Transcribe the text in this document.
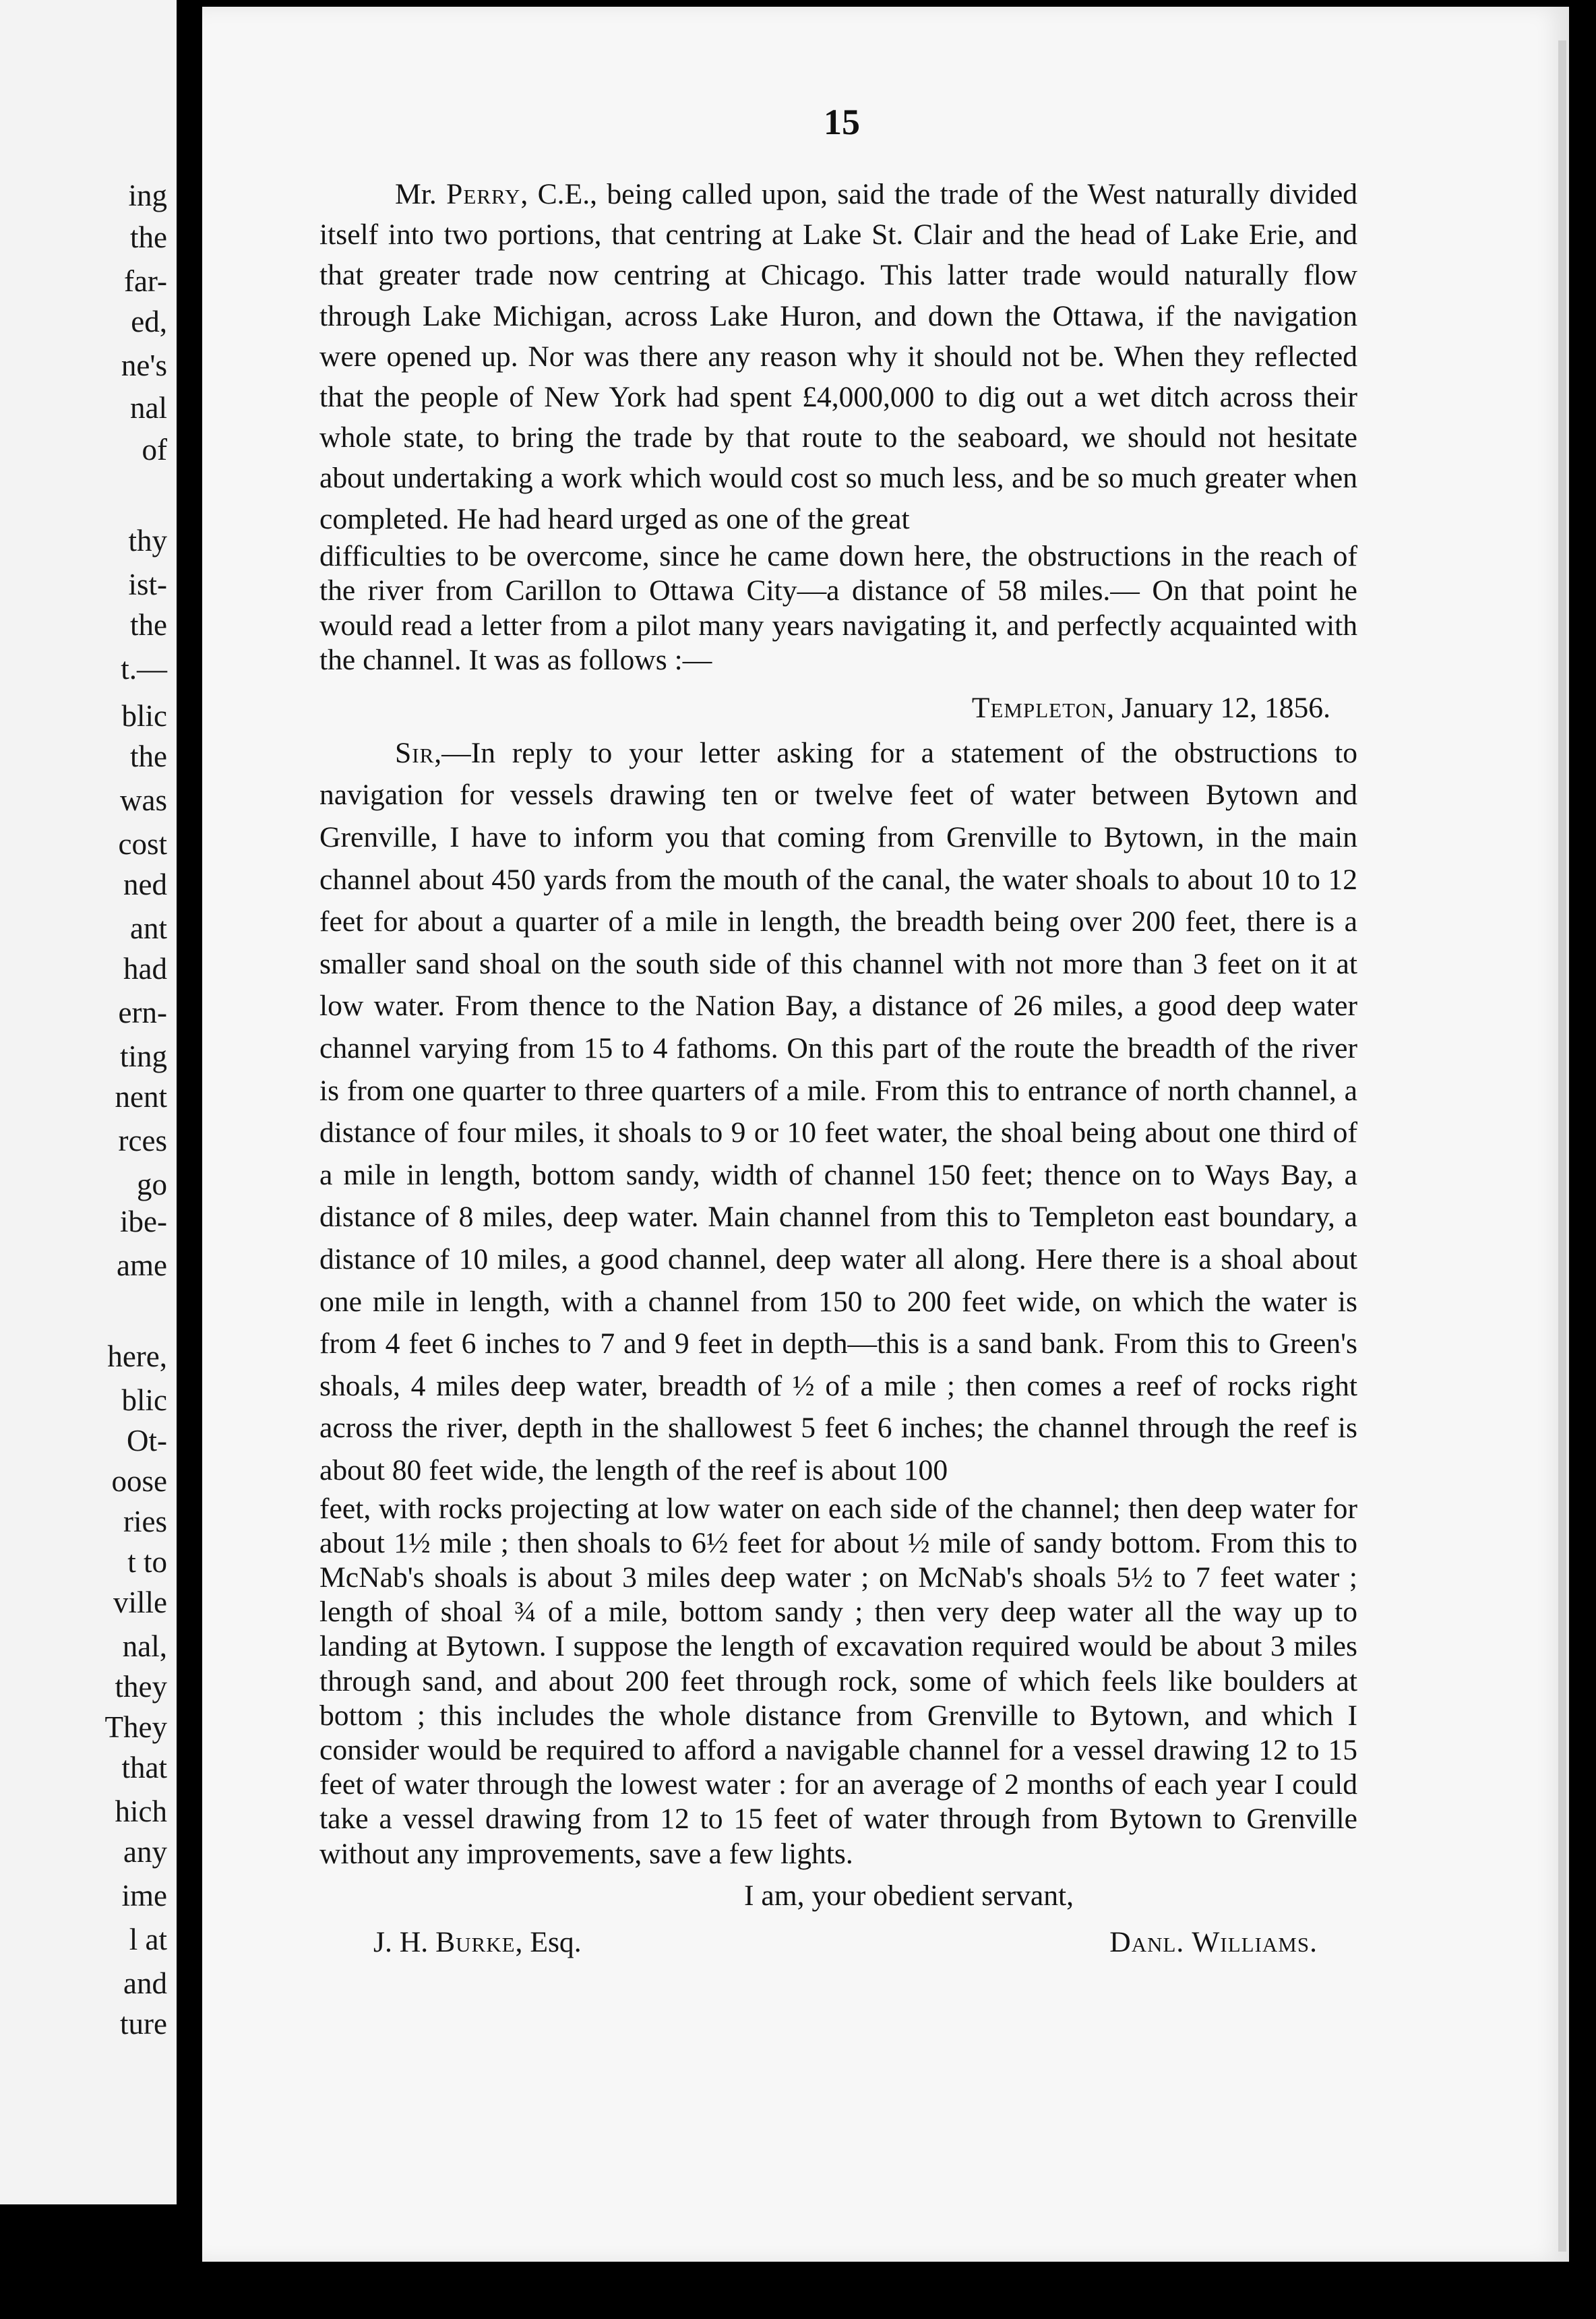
ing
the
far-
ed,
ne's
nal
of
thy
ist-
the
t.—
blic
the
was
cost
ned
ant
had
ern-
ting
nent
rces
go
ibe-
ame
here,
blic
Ot-
oose
ries
t to
ville
nal,
they
They
that
hich
any
ime
l at
and
ture
15

Mr. Perry, C.E., being called upon, said the trade of the West naturally divided itself into two portions, that centring at Lake St. Clair and the head of Lake Erie, and that greater trade now centring at Chicago. This latter trade would naturally flow through Lake Michigan, across Lake Huron, and down the Ottawa, if the navigation were opened up. Nor was there any reason why it should not be. When they reflected that the people of New York had spent £4,000,000 to dig out a wet ditch across their whole state, to bring the trade by that route to the seaboard, we should not hesitate about undertaking a work which would cost so much less, and be so much greater when completed. He had heard urged as one of the great

difficulties to be overcome, since he came down here, the obstructions in the reach of the river from Carillon to Ottawa City—a distance of 58 miles.— On that point he would read a letter from a pilot many years navigating it, and perfectly acquainted with the channel. It was as follows :—

Templeton, January 12, 1856.

Sir,—In reply to your letter asking for a statement of the obstructions to navigation for vessels drawing ten or twelve feet of water between Bytown and Grenville, I have to inform you that coming from Grenville to Bytown, in the main channel about 450 yards from the mouth of the canal, the water shoals to about 10 to 12 feet for about a quarter of a mile in length, the breadth being over 200 feet, there is a smaller sand shoal on the south side of this channel with not more than 3 feet on it at low water. From thence to the Nation Bay, a distance of 26 miles, a good deep water channel varying from 15 to 4 fathoms. On this part of the route the breadth of the river is from one quarter to three quarters of a mile. From this to entrance of north channel, a distance of four miles, it shoals to 9 or 10 feet water, the shoal being about one third of a mile in length, bottom sandy, width of channel 150 feet; thence on to Ways Bay, a distance of 8 miles, deep water. Main channel from this to Templeton east boundary, a distance of 10 miles, a good channel, deep water all along. Here there is a shoal about one mile in length, with a channel from 150 to 200 feet wide, on which the water is from 4 feet 6 inches to 7 and 9 feet in depth—this is a sand bank. From this to Green's shoals, 4 miles deep water, breadth of ½ of a mile ; then comes a reef of rocks right across the river, depth in the shallowest 5 feet 6 inches; the channel through the reef is about 80 feet wide, the length of the reef is about 100

feet, with rocks projecting at low water on each side of the channel; then deep water for about 1½ mile ; then shoals to 6½ feet for about ½ mile of sandy bottom. From this to McNab's shoals is about 3 miles deep water ; on McNab's shoals 5½ to 7 feet water ; length of shoal ¾ of a mile, bottom sandy ; then very deep water all the way up to landing at Bytown. I suppose the length of excavation required would be about 3 miles through sand, and about 200 feet through rock, some of which feels like boulders at bottom ; this includes the whole distance from Grenville to Bytown, and which I consider would be required to afford a navigable channel for a vessel drawing 12 to 15 feet of water through the lowest water : for an average of 2 months of each year I could take a vessel drawing from 12 to 15 feet of water through from Bytown to Grenville without any improvements, save a few lights.

I am, your obedient servant,

J. H. Burke, Esq.	Danl. Williams.
